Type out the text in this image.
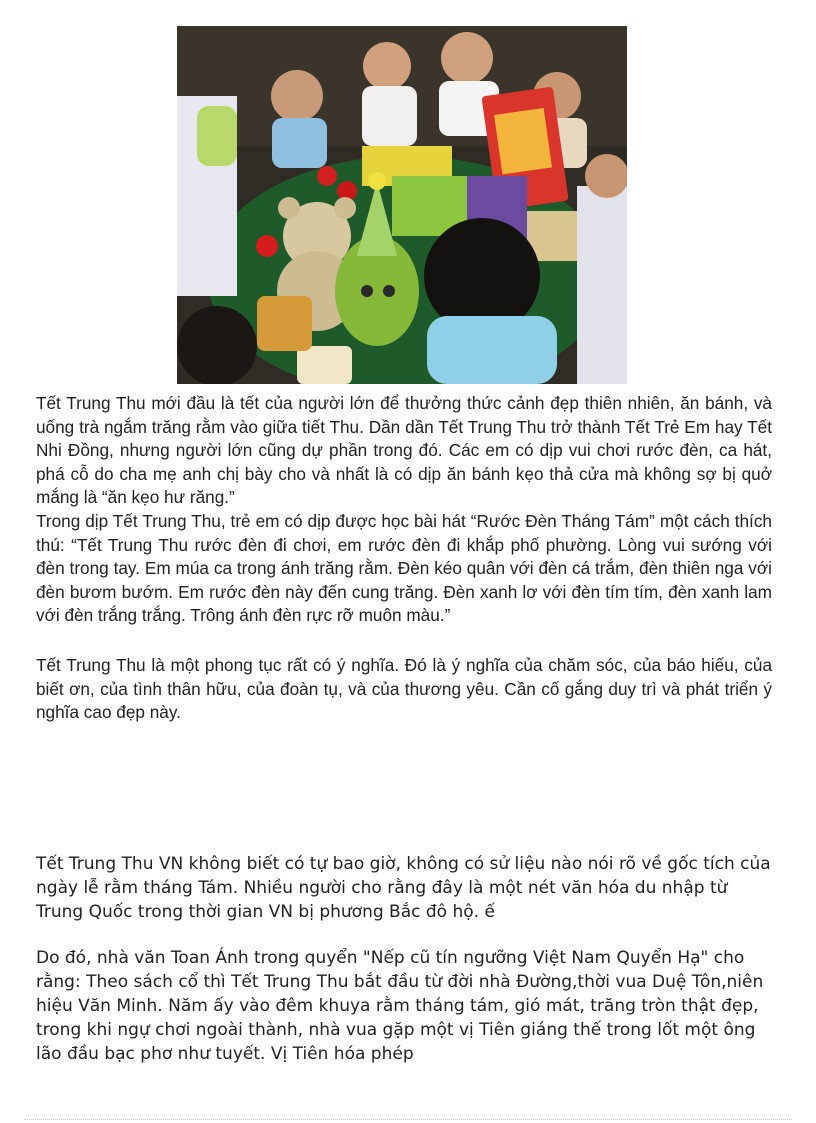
Tết Trung Thu mới đầu là tết của người lớn để thưởng thức cảnh đẹp thiên nhiên, ăn bánh, và uống trà ngắm trăng rằm vào giữa tiết Thu. Dần dần Tết Trung Thu trở thành Tết Trẻ Em hay Tết Nhi Đồng, nhưng người lớn cũng dự phần trong đó. Các em có dịp vui chơi rước đèn, ca hát, phá cỗ do cha mẹ anh chị bày cho và nhất là có dịp ăn bánh kẹo thả cửa mà không sợ bị quở mắng là “ăn kẹo hư răng.”

Trong dịp Tết Trung Thu, trẻ em có dịp được học bài hát “Rước Đèn Tháng Tám” một cách thích thú: “Tết Trung Thu rước đèn đi chơi, em rước đèn đi khắp phố phường. Lòng vui sướng với đèn trong tay. Em múa ca trong ánh trăng rằm. Đèn kéo quân với đèn cá trắm, đèn thiên nga với đèn bươm bướm. Em rước đèn này đến cung trăng. Đèn xanh lơ với đèn tím tím, đèn xanh lam với đèn trắng trắng. Trông ánh đèn rực rỡ muôn màu.”

Tết Trung Thu là một phong tục rất có ý nghĩa. Đó là ý nghĩa của chăm sóc, của báo hiếu, của biết ơn, của tình thân hữu, của đoàn tụ, và của thương yêu. Cần cố gắng duy trì và phát triển ý nghĩa cao đẹp này.

Tết Trung Thu VN không biết có tự bao giờ, không có sử liệu nào nói rõ về gốc tích của ngày lễ rằm tháng Tám. Nhiều người cho rằng đây là một nét văn hóa du nhập từ Trung Quốc trong thời gian VN bị phương Bắc đô hộ. ế

Do đó, nhà văn Toan Ánh trong quyển "Nếp cũ tín ngưỡng Việt Nam Quyển Hạ" cho rằng: Theo sách cổ thì Tết Trung Thu bắt đầu từ đời nhà Đường,thời vua Duệ Tôn,niên hiệu Văn Minh. Năm ấy vào đêm khuya rằm tháng tám, gió mát, trăng tròn thật đẹp, trong khi ngự chơi ngoài thành, nhà vua gặp một vị Tiên giáng thế trong lốt một ông lão đầu bạc phơ như tuyết. Vị Tiên hóa phép
